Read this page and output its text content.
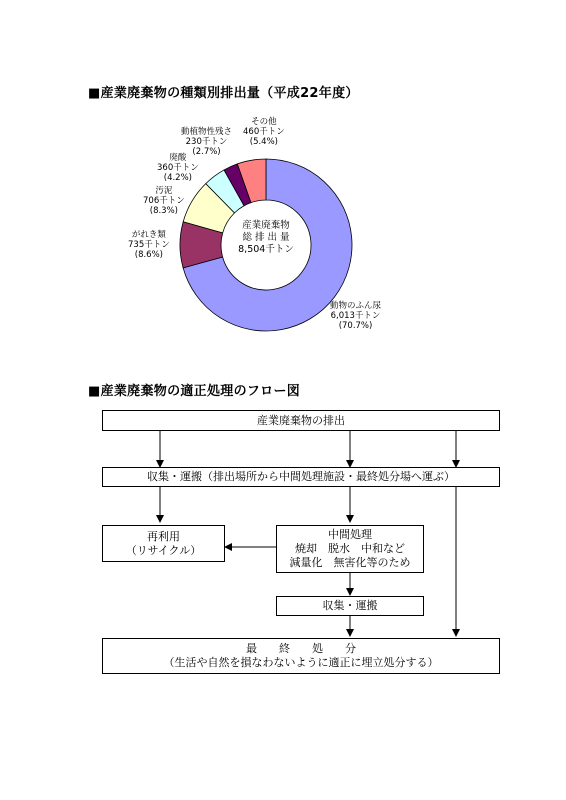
■産業廃棄物の種類別排出量（平成22年度）
産業廃棄物
総 排 出 量
8,504千トン
動物のふん尿
6,013千トン
(70.7%)
がれき類
735千トン
(8.6%)
汚泥
706千トン
(8.3%)
廃酸
360千トン
(4.2%)
動植物性残さ
230千トン
(2.7%)
その他
460千トン
(5.4%)
■産業廃棄物の適正処理のフロー図
産業廃棄物の排出
収集・運搬（排出場所から中間処理施設・最終処分場へ運ぶ）
再利用
（リサイクル）
中間処理
焼却　脱水　中和など
減量化　無害化等のため
収集・運搬
最　　終　　処　　分
（生活や自然を損なわないように適正に埋立処分する）
